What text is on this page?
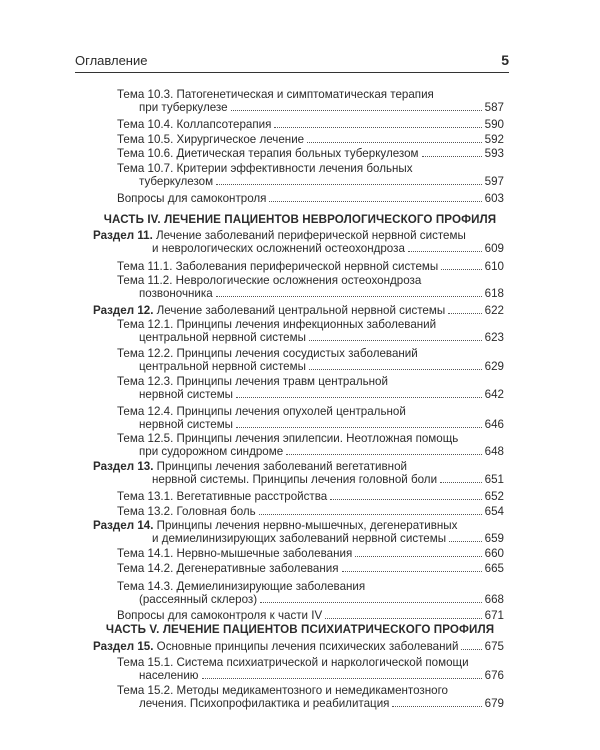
Оглавление	5
Тема 10.3. Патогенетическая и симптоматическая терапия
при туберкулезе	587
Тема 10.4. Коллапсотерапия	590
Тема 10.5. Хирургическое лечение	592
Тема 10.6. Диетическая терапия больных туберкулезом	593
Тема 10.7. Критерии эффективности лечения больных
туберкулезом	597
Вопросы для самоконтроля	603
ЧАСТЬ IV. ЛЕЧЕНИЕ ПАЦИЕНТОВ НЕВРОЛОГИЧЕСКОГО ПРОФИЛЯ
Раздел 11. Лечение заболеваний периферической нервной системы
и неврологических осложнений остеохондроза	609
Тема 11.1. Заболевания периферической нервной системы	610
Тема 11.2. Неврологические осложнения остеохондроза
позвоночника	618
Раздел 12. Лечение заболеваний центральной нервной системы	622
Тема 12.1. Принципы лечения инфекционных заболеваний
центральной нервной системы	623
Тема 12.2. Принципы лечения сосудистых заболеваний
центральной нервной системы	629
Тема 12.3. Принципы лечения травм центральной
нервной системы	642
Тема 12.4. Принципы лечения опухолей центральной
нервной системы	646
Тема 12.5. Принципы лечения эпилепсии. Неотложная помощь
при судорожном синдроме	648
Раздел 13. Принципы лечения заболеваний вегетативной
нервной системы. Принципы лечения головной боли	651
Тема 13.1. Вегетативные расстройства	652
Тема 13.2. Головная боль	654
Раздел 14. Принципы лечения нервно-мышечных, дегенеративных
и демиелинизирующих заболеваний нервной системы	659
Тема 14.1. Нервно-мышечные заболевания	660
Тема 14.2. Дегенеративные заболевания	665
Тема 14.3. Демиелинизирующие заболевания
(рассеянный склероз)	668
Вопросы для самоконтроля к части IV	671
ЧАСТЬ V. ЛЕЧЕНИЕ ПАЦИЕНТОВ ПСИХИАТРИЧЕСКОГО ПРОФИЛЯ
Раздел 15. Основные принципы лечения психических заболеваний 675
Тема 15.1. Система психиатрической и наркологической помощи
населению	676
Тема 15.2. Методы медикаментозного и немедикаментозного
лечения. Психопрофилактика и реабилитация	679
